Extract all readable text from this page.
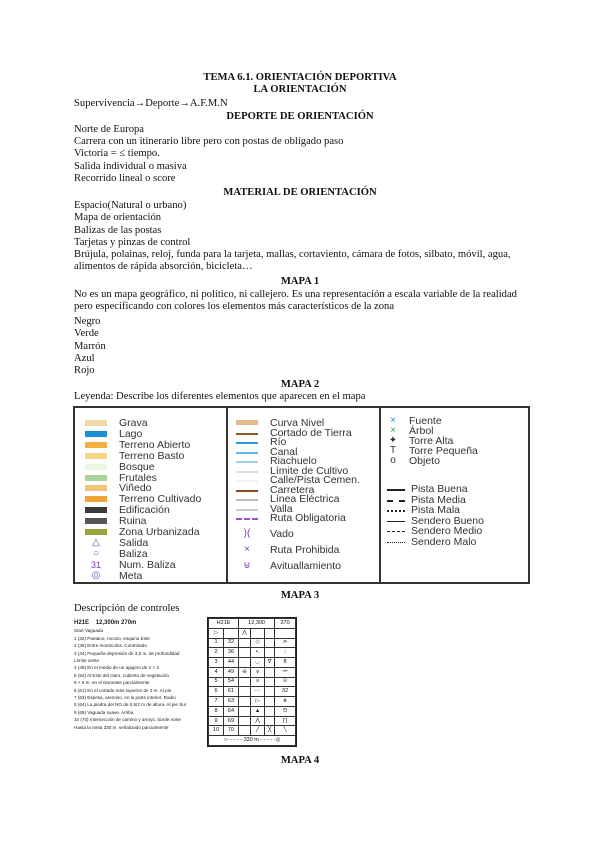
TEMA 6.1. ORIENTACIÓN DEPORTIVA
LA ORIENTACIÓN
Supervivencia→Deporte→A.F.M.N
DEPORTE DE ORIENTACIÓN
Norte de Europa
Carrera con un itinerario libre pero con postas de obligado paso
Victoria = ≤ tiempo.
Salida individual o masiva
Recorrido lineal o score
MATERIAL DE ORIENTACIÓN
Espacio(Natural o urbano)
Mapa de orientación
Balizas de las postas
Tarjetas y pinzas de control
Brújula, polainas, reloj, funda para la tarjeta, mallas, cortaviento, cámara de fotos, silbato, móvil, agua, alimentos de rápida absorción, bicicleta…
MAPA 1
No es un mapa geográfico, ni político, ni callejero. Es una representación a escala variable de la realidad pero especificando con colores los elementos más característicos de la zona
Negro
Verde
Marrón
Azul
Rojo
MAPA 2
Leyenda: Describe los diferentes elementos que aparecen en el mapa
Grava
Lago
Terreno Abierto
Terreno Basto
Bosque
Frutales
Viñedo
Terreno Cultivado
Edificación
Ruina
Zona Urbanizada
△	Salida
○	Baliza
31	Num. Baliza
◎	Meta
Curva Nivel
Cortado de Tierra
Río
Canal
Riachuelo
Límite de Cultivo
Calle/Pista Cemen.
Carretera
Línea Eléctrica
Valla
Ruta Obligatoria
)(	Vado
×	Ruta Prohibida
⊎	Avituallamiento
× Fuente
× Árbol
✦ Torre Alta
T Torre Pequeña
o	Objeto
Pista Buena
Pista Media
Pista Mala
Sendero Bueno
Sendero Medio
Sendero Malo
MAPA 3
Descripción de controles
H21E 12,300m 270m
Start Vaguada
1 (32) Pantano, rocoso, esquina Este
2 (36) Entre montículos. Controlado
3 (44) Pequeña depresión de 3,5 m. de profundidad
Límite oeste
4 (49) En el medio de un agujero de 2 × 2
5 (54) Al Este del claro, cubierto de vegetación.
9 × 6 m. en el Noroeste parcialmente
6 (61) En el cortado más superior de 3 m. Al pie
7 (63) Espesa, arenoso, en la parte interior. Radio
8 (64) La piedra del NO de 0,5/2 m de altura. Al pie Sur
9 (69) Vaguada suave. Arriba
10 (70) Intersección de camino y arroyo, borde norte
Hasta la meta 330 m. señalizado parcialmente
H21E		12,300			270
▷		⋀			
1	32		◇		⋗
2	36		•.		⋮
3	44		◡	∇	⊼
4	49	⊖	∨		⌤
5	54		≡		⊙
6	61		⋯		32
7	63		▷		⋔
8	64		▲		⅁
9	69		⋀		∏
10	70		╱	╳	╲
○- - - - - 330 m - - - - -◎					
MAPA 4
